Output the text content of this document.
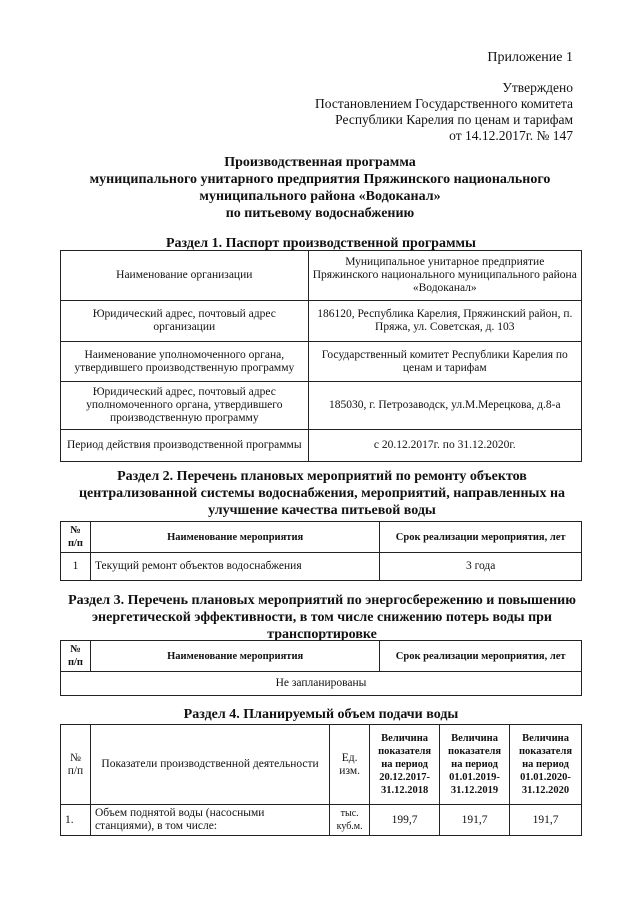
Приложение 1
Утверждено
Постановлением Государственного комитета
Республики Карелия по ценам и тарифам
от 14.12.2017г. № 147
Производственная программа
муниципального унитарного предприятия Пряжинского национального
муниципального района «Водоканал»
по питьевому водоснабжению
Раздел 1. Паспорт производственной программы
Наименование организации	Муниципальное унитарное предприятие Пряжинского национального муниципального района «Водоканал»
Юридический адрес, почтовый адрес организации	186120, Республика Карелия, Пряжинский район, п. Пряжа, ул. Советская, д. 103
Наименование уполномоченного органа, утвердившего производственную программу	Государственный комитет Республики Карелия по ценам и тарифам
Юридический адрес, почтовый адрес уполномоченного органа, утвердившего производственную программу	185030, г. Петрозаводск, ул.М.Мерецкова, д.8-а
Период действия производственной программы	с 20.12.2017г. по 31.12.2020г.
Раздел 2. Перечень плановых мероприятий по ремонту объектов централизованной системы водоснабжения, мероприятий, направленных на улучшение качества питьевой воды
№ п/п	Наименование мероприятия	Срок реализации мероприятия, лет
1	Текущий ремонт объектов водоснабжения	3 года
Раздел 3. Перечень плановых мероприятий по энергосбережению и повышению энергетической эффективности, в том числе снижению потерь воды при транспортировке
№ п/п	Наименование мероприятия	Срок реализации мероприятия, лет
Не запланированы
Раздел 4. Планируемый объем подачи воды
№ п/п	Показатели производственной деятельности	Ед. изм.	Величина показателя на период 20.12.2017-31.12.2018	Величина показателя на период 01.01.2019-31.12.2019	Величина показателя на период 01.01.2020-31.12.2020
1.	Объем поднятой воды (насосными станциями), в том числе:	тыс. куб.м.	199,7	191,7	191,7
